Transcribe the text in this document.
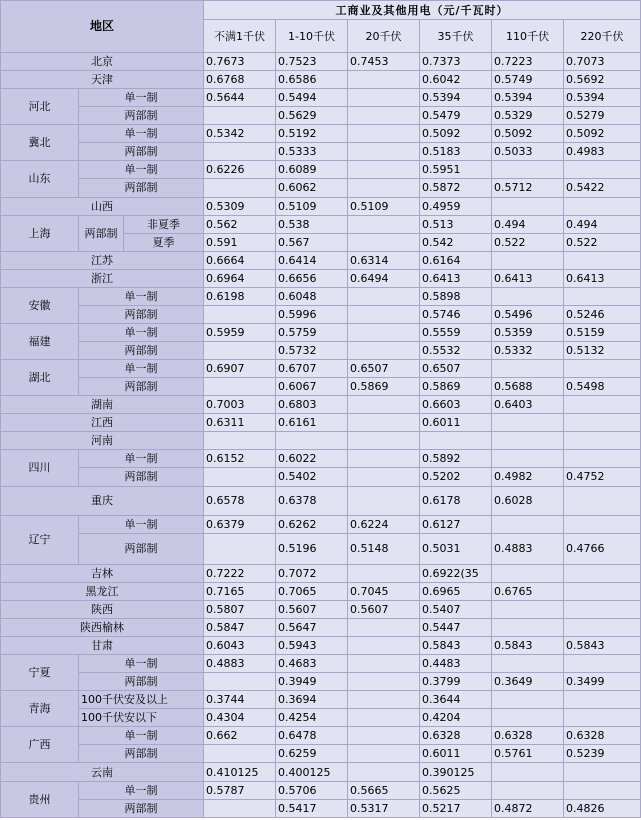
地区			工商业及其他用电（元/千瓦时）					
			不满1千伏	1-10千伏	20千伏	35千伏	110千伏	220千伏
北京			0.7673	0.7523	0.7453	0.7373	0.7223	0.7073
天津			0.6768	0.6586		0.6042	0.5749	0.5692
河北	单一制		0.5644	0.5494		0.5394	0.5394	0.5394
	两部制			0.5629		0.5479	0.5329	0.5279
冀北	单一制		0.5342	0.5192		0.5092	0.5092	0.5092
	两部制			0.5333		0.5183	0.5033	0.4983
山东	单一制		0.6226	0.6089		0.5951		
	两部制			0.6062		0.5872	0.5712	0.5422
山西			0.5309	0.5109	0.5109	0.4959		
上海	两部制	非夏季	0.562	0.538		0.513	0.494	0.494
		夏季	0.591	0.567		0.542	0.522	0.522
江苏			0.6664	0.6414	0.6314	0.6164		
浙江			0.6964	0.6656	0.6494	0.6413	0.6413	0.6413
安徽	单一制		0.6198	0.6048		0.5898		
	两部制			0.5996		0.5746	0.5496	0.5246
福建	单一制		0.5959	0.5759		0.5559	0.5359	0.5159
	两部制			0.5732		0.5532	0.5332	0.5132
湖北	单一制		0.6907	0.6707	0.6507	0.6507		
	两部制			0.6067	0.5869	0.5869	0.5688	0.5498
湖南			0.7003	0.6803		0.6603	0.6403	
江西			0.6311	0.6161		0.6011		
河南								
四川	单一制		0.6152	0.6022		0.5892		
	两部制			0.5402		0.5202	0.4982	0.4752
重庆			0.6578	0.6378		0.6178	0.6028	
辽宁	单一制		0.6379	0.6262	0.6224	0.6127		
	两部制			0.5196	0.5148	0.5031	0.4883	0.4766
吉林			0.7222	0.7072		0.6922(35		
黑龙江			0.7165	0.7065	0.7045	0.6965	0.6765	
陕西			0.5807	0.5607	0.5607	0.5407		
陕西榆林			0.5847	0.5647		0.5447		
甘肃			0.6043	0.5943		0.5843	0.5843	0.5843
宁夏	单一制		0.4883	0.4683		0.4483		
	两部制			0.3949		0.3799	0.3649	0.3499
青海	100千伏安及以上		0.3744	0.3694		0.3644		
	100千伏安以下		0.4304	0.4254		0.4204		
广西	单一制		0.662	0.6478		0.6328	0.6328	0.6328
	两部制			0.6259		0.6011	0.5761	0.5239
云南			0.410125	0.400125		0.390125		
贵州	单一制		0.5787	0.5706	0.5665	0.5625		
	两部制			0.5417	0.5317	0.5217	0.4872	0.4826
